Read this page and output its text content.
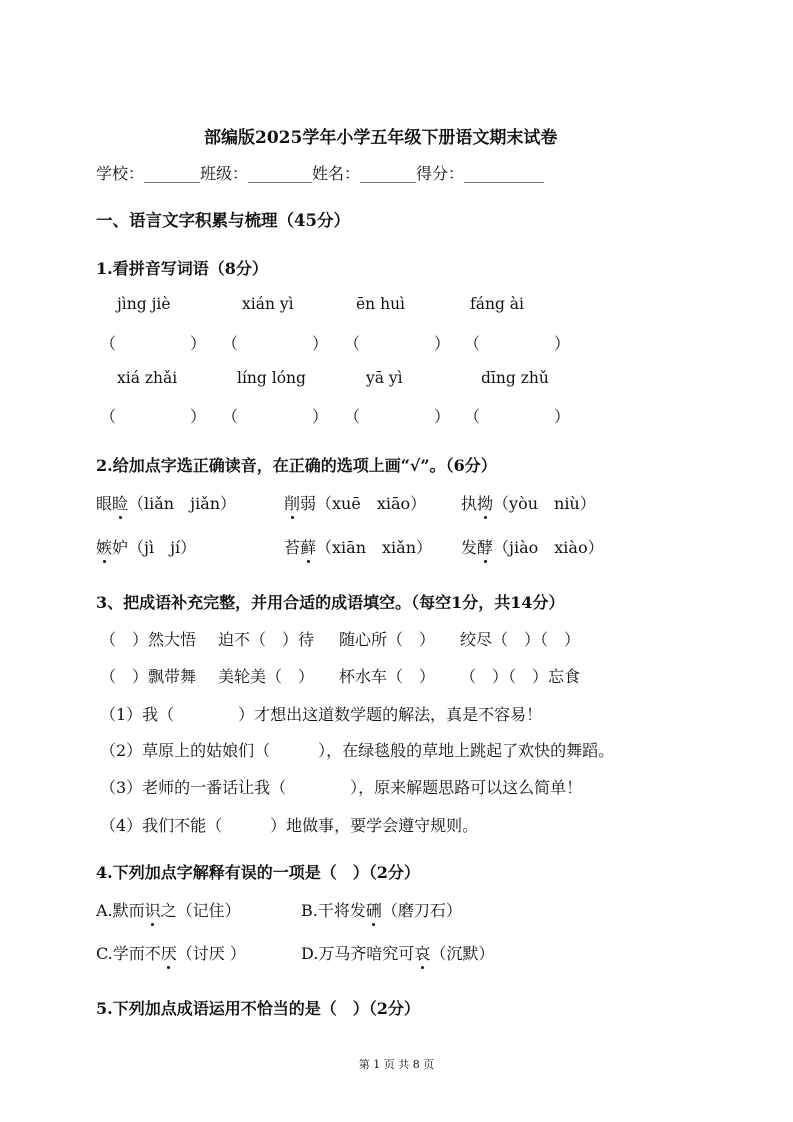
部编版2025学年小学五年级下册语文期末试卷
学校：_______班级：________姓名：_______得分：__________
一、语言文字积累与梳理（45分）
1.看拼音写词语（8分）
jìng jiè	xián yì	ēn huì	fáng ài
（	） （	） （	） （	）
xiá zhǎi	líng lóng	yā yì	dīng zhǔ
（	） （	） （	） （	）
2.给加点字选正确读音，在正确的选项上画“√”。（6分）
眼睑（liǎn　jiǎn）	削弱（xuē　xiāo） 执拗（yòu　niù）
嫉妒（jì　jí）	苔藓（xiān　xiǎn） 发酵（jiào　xiào）
3、把成语补充完整，并用合适的成语填空。（每空1分，共14分）
（　）然大悟 迫不（　）待 随心所（　） 绞尽（　）（　）
（　）飘带舞 美轮美（　） 杯水车（　） （　）（　）忘食
（1）我（　　　　）才想出这道数学题的解法，真是不容易！
（2）草原上的姑娘们（　　　），在绿毯般的草地上跳起了欢快的舞蹈。
（3）老师的一番话让我（　　　　），原来解题思路可以这么简单！
（4）我们不能（　　　）地做事，要学会遵守规则。
4.下列加点字解释有误的一项是（　）（2分）
A.默而识之（记住）	B.干将发硎（磨刀石）
C.学而不厌（讨厌 ）	D.万马齐喑究可哀（沉默）
5.下列加点成语运用不恰当的是（　）（2分）
第 1 页 共 8 页
